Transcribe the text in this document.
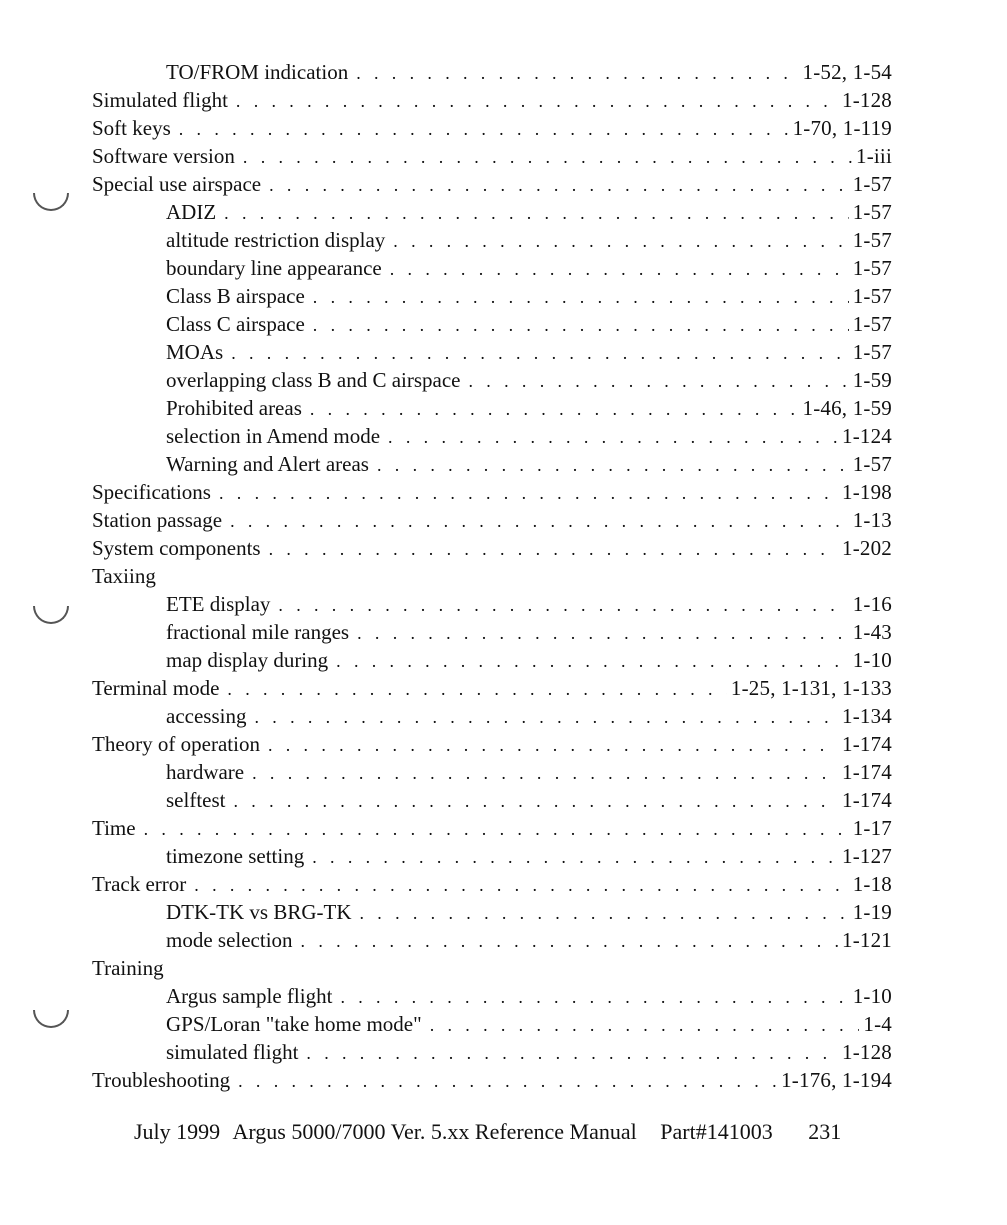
TO/FROM indication . . .	1-52, 1-54
Simulated flight . . .	1-128
Soft keys . . .	1-70, 1-119
Software version . . .	1-iii
Special use airspace . . .	1-57
ADIZ . . .	1-57
altitude restriction display . . .	1-57
boundary line appearance . . .	1-57
Class B airspace . . .	1-57
Class C airspace . . .	1-57
MOAs . . .	1-57
overlapping class B and C airspace . . .	1-59
Prohibited areas . . .	1-46, 1-59
selection in Amend mode . . .	1-124
Warning and Alert areas . . .	1-57
Specifications . . .	1-198
Station passage . . .	1-13
System components . . .	1-202
Taxiing
ETE display . . .	1-16
fractional mile ranges . . .	1-43
map display during . . .	1-10
Terminal mode . . .	1-25, 1-131, 1-133
accessing . . .	1-134
Theory of operation . . .	1-174
hardware . . .	1-174
selftest . . .	1-174
Time . . .	1-17
timezone setting . . .	1-127
Track error . . .	1-18
DTK-TK vs BRG-TK . . .	1-19
mode selection . . .	1-121
Training
Argus sample flight . . .	1-10
GPS/Loran "take home mode" . . .	1-4
simulated flight . . .	1-128
Troubleshooting . . .	1-176, 1-194
July 1999 Argus 5000/7000 Ver. 5.xx Reference Manual Part#141003 231
